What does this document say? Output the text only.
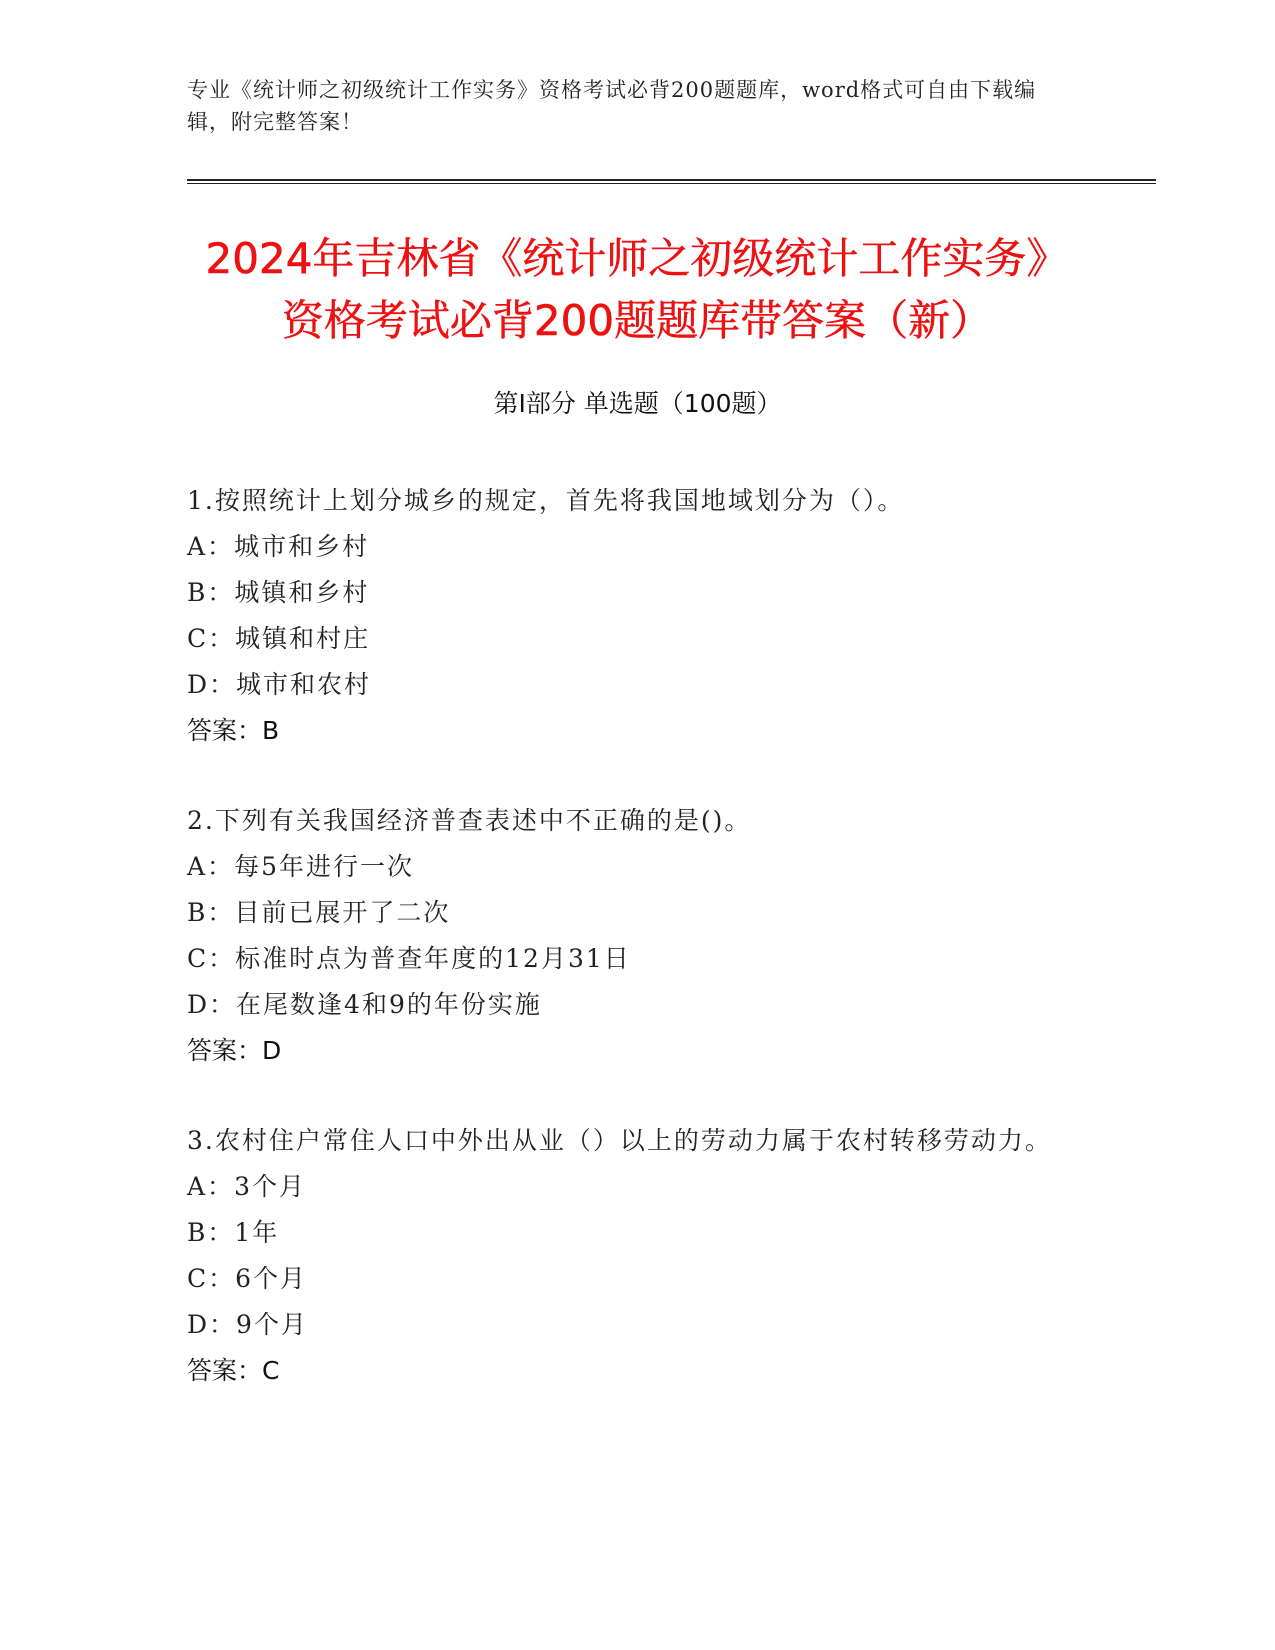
专业《统计师之初级统计工作实务》资格考试必背200题题库，word格式可自由下载编辑，附完整答案！
2024年吉林省《统计师之初级统计工作实务》资格考试必背200题题库带答案（新）
第Ⅰ部分 单选题（100题）
1.按照统计上划分城乡的规定，首先将我国地域划分为（）。
A：城市和乡村
B：城镇和乡村
C：城镇和村庄
D：城市和农村
答案：B
2.下列有关我国经济普查表述中不正确的是()。
A：每5年进行一次
B：目前已展开了二次
C：标准时点为普查年度的12月31日
D：在尾数逢4和9的年份实施
答案：D
3.农村住户常住人口中外出从业（）以上的劳动力属于农村转移劳动力。
A：3个月
B：1年
C：6个月
D：9个月
答案：C
